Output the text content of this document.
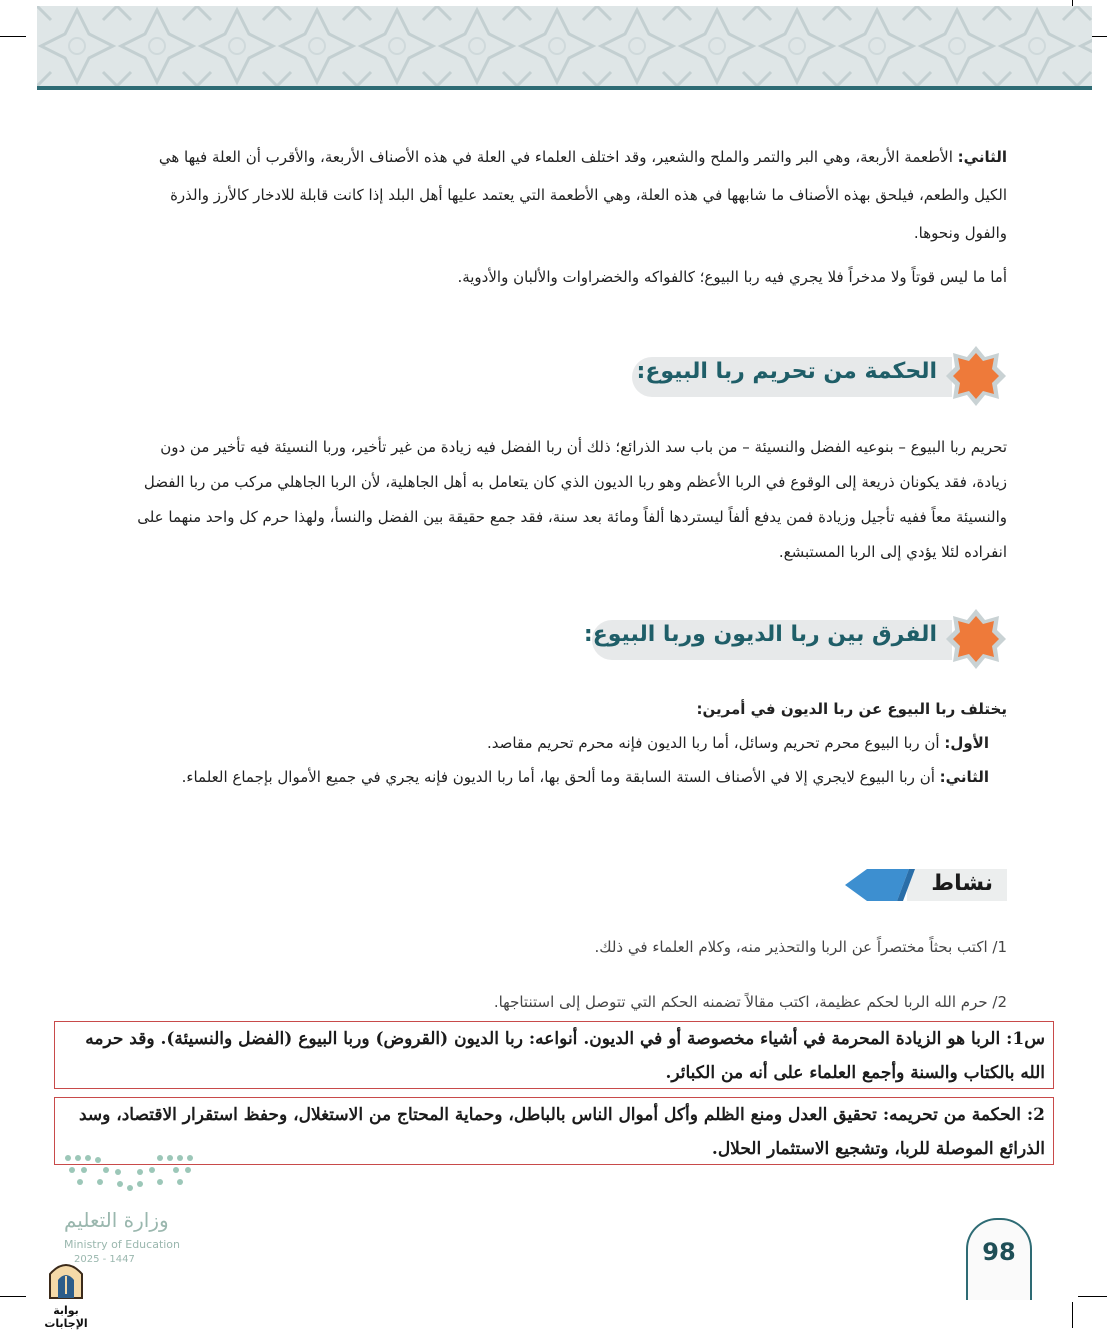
الثاني: الأطعمة الأربعة، وهي البر والتمر والملح والشعير، وقد اختلف العلماء في العلة في هذه الأصناف الأربعة، والأقرب أن العلة فيها هي الكيل والطعم، فيلحق بهذه الأصناف ما شابهها في هذه العلة، وهي الأطعمة التي يعتمد عليها أهل البلد إذا كانت قابلة للادخار كالأرز والذرة والفول ونحوها.
أما ما ليس قوتاً ولا مدخراً فلا يجري فيه ربا البيوع؛ كالفواكه والخضراوات والألبان والأدوية.
الحكمة من تحريم ربا البيوع:
تحريم ربا البيوع – بنوعيه الفضل والنسيئة – من باب سد الذرائع؛ ذلك أن ربا الفضل فيه زيادة من غير تأخير، وربا النسيئة فيه تأخير من دون زيادة، فقد يكونان ذريعة إلى الوقوع في الربا الأعظم وهو ربا الديون الذي كان يتعامل به أهل الجاهلية، لأن الربا الجاهلي مركب من ربا الفضل والنسيئة معاً ففيه تأجيل وزيادة فمن يدفع ألفاً ليستردها ألفاً ومائة بعد سنة، فقد جمع حقيقة بين الفضل والنسأ، ولهذا حرم كل واحد منهما على انفراده لئلا يؤدي إلى الربا المستبشع.
الفرق بين ربا الديون وربا البيوع:
يختلف ربا البيوع عن ربا الديون في أمرين:
الأول: أن ربا البيوع محرم تحريم وسائل، أما ربا الديون فإنه محرم تحريم مقاصد.
الثاني: أن ربا البيوع لايجري إلا في الأصناف الستة السابقة وما ألحق بها، أما ربا الديون فإنه يجري في جميع الأموال بإجماع العلماء.
نشاط
1/ اكتب بحثاً مختصراً عن الربا والتحذير منه، وكلام العلماء في ذلك.
2/ حرم الله الربا لحكم عظيمة، اكتب مقالاً تضمنه الحكم التي تتوصل إلى استنتاجها.
س1: الربا هو الزيادة المحرمة في أشياء مخصوصة أو في الديون. أنواعه: ربا الديون (القروض) وربا البيوع (الفضل والنسيئة). وقد حرمه الله بالكتاب والسنة وأجمع العلماء على أنه من الكبائر.
2: الحكمة من تحريمه: تحقيق العدل ومنع الظلم وأكل أموال الناس بالباطل، وحماية المحتاج من الاستغلال، وحفظ استقرار الاقتصاد، وسد الذرائع الموصلة للربا، وتشجيع الاستثمار الحلال.
وزارة التعليم
Ministry of Education
2025 - 1447
بوابة الإجابات
98
